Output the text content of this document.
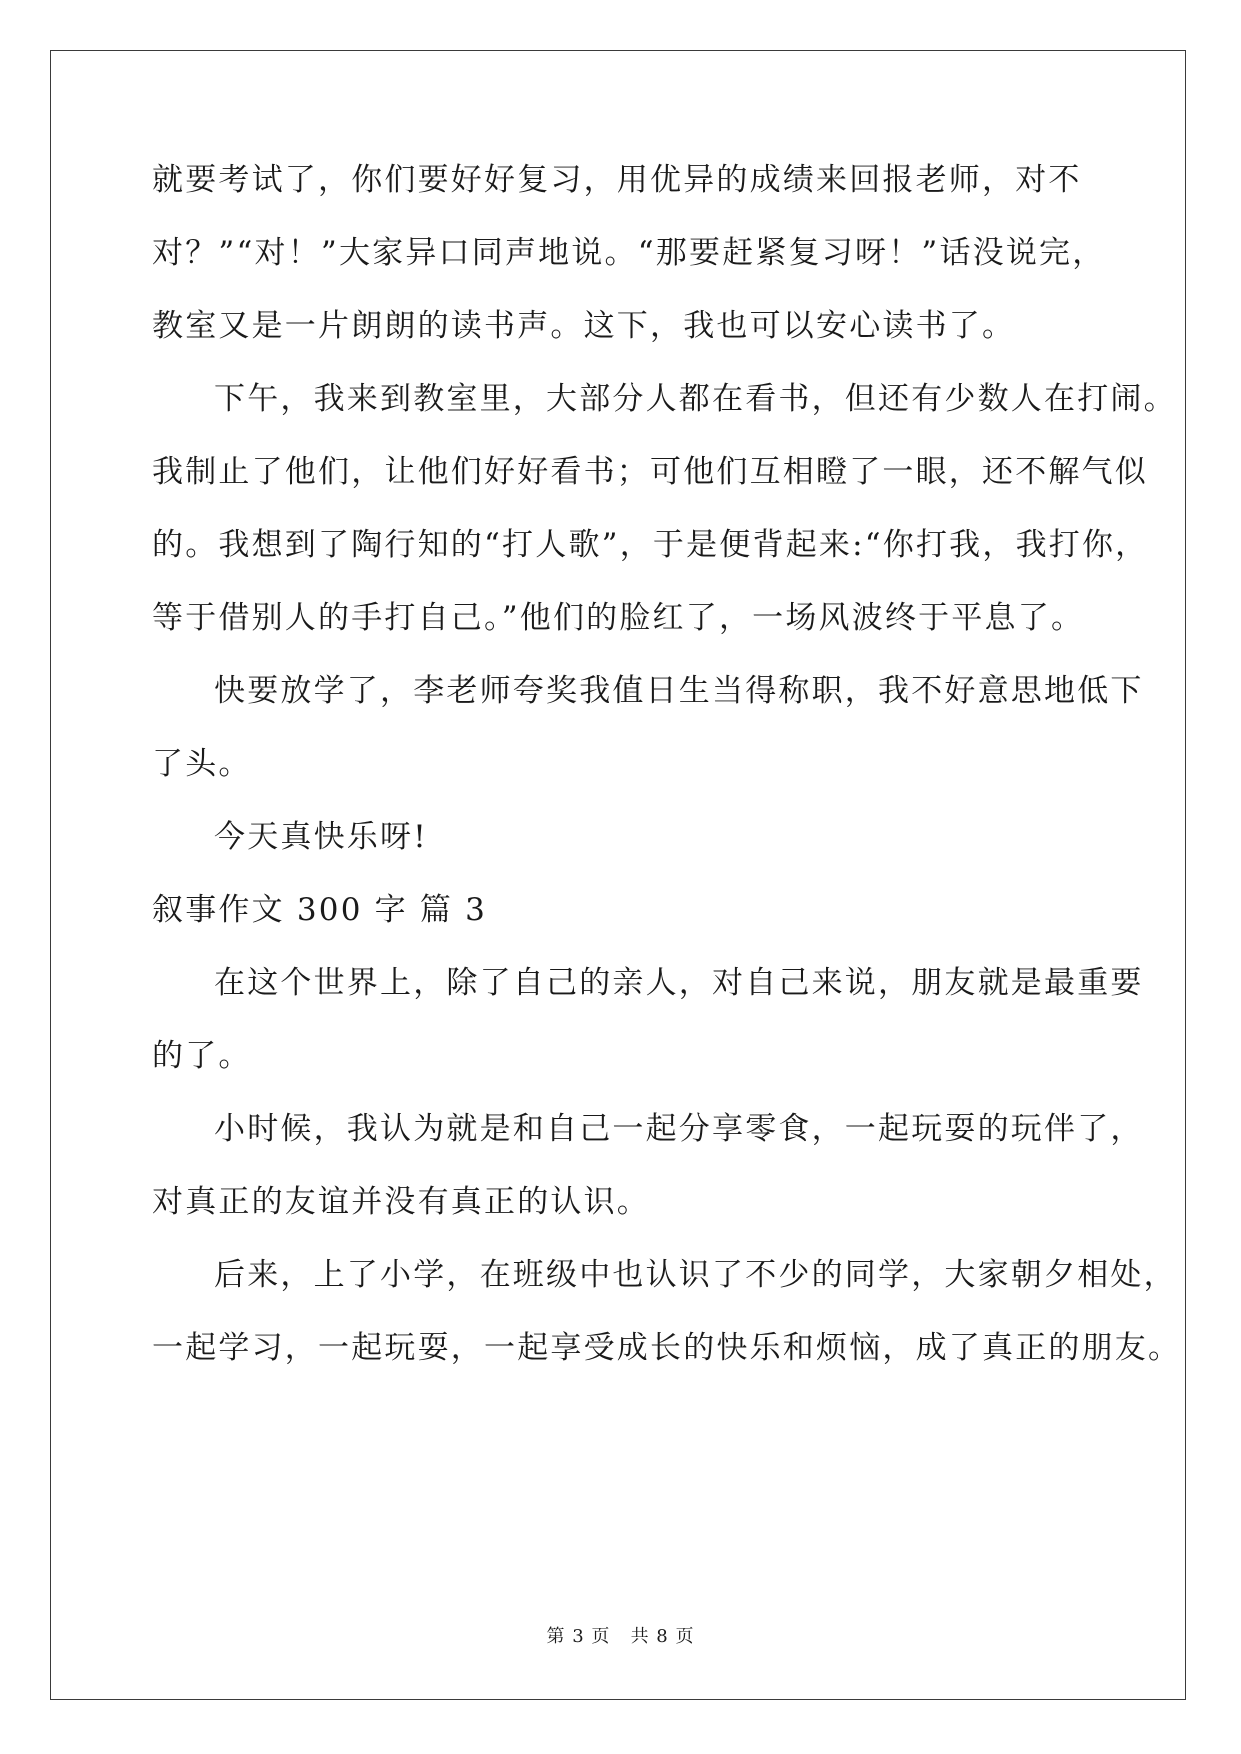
就要考试了，你们要好好复习，用优异的成绩来回报老师，对不
对？”“对！”大家异口同声地说。“那要赶紧复习呀！”话没说完，
教室又是一片朗朗的读书声。这下，我也可以安心读书了。
下午，我来到教室里，大部分人都在看书，但还有少数人在打闹。
我制止了他们，让他们好好看书；可他们互相瞪了一眼，还不解气似
的。我想到了陶行知的“打人歌”，于是便背起来:“你打我，我打你，
等于借别人的手打自己。”他们的脸红了，一场风波终于平息了。
快要放学了，李老师夸奖我值日生当得称职，我不好意思地低下
了头。
今天真快乐呀!
叙事作文 300 字 篇 3
在这个世界上，除了自己的亲人，对自己来说，朋友就是最重要
的了。
小时候，我认为就是和自己一起分享零食，一起玩耍的玩伴了，
对真正的友谊并没有真正的认识。
后来，上了小学，在班级中也认识了不少的同学，大家朝夕相处，
一起学习，一起玩耍，一起享受成长的快乐和烦恼，成了真正的朋友。
第 3 页   共 8 页
